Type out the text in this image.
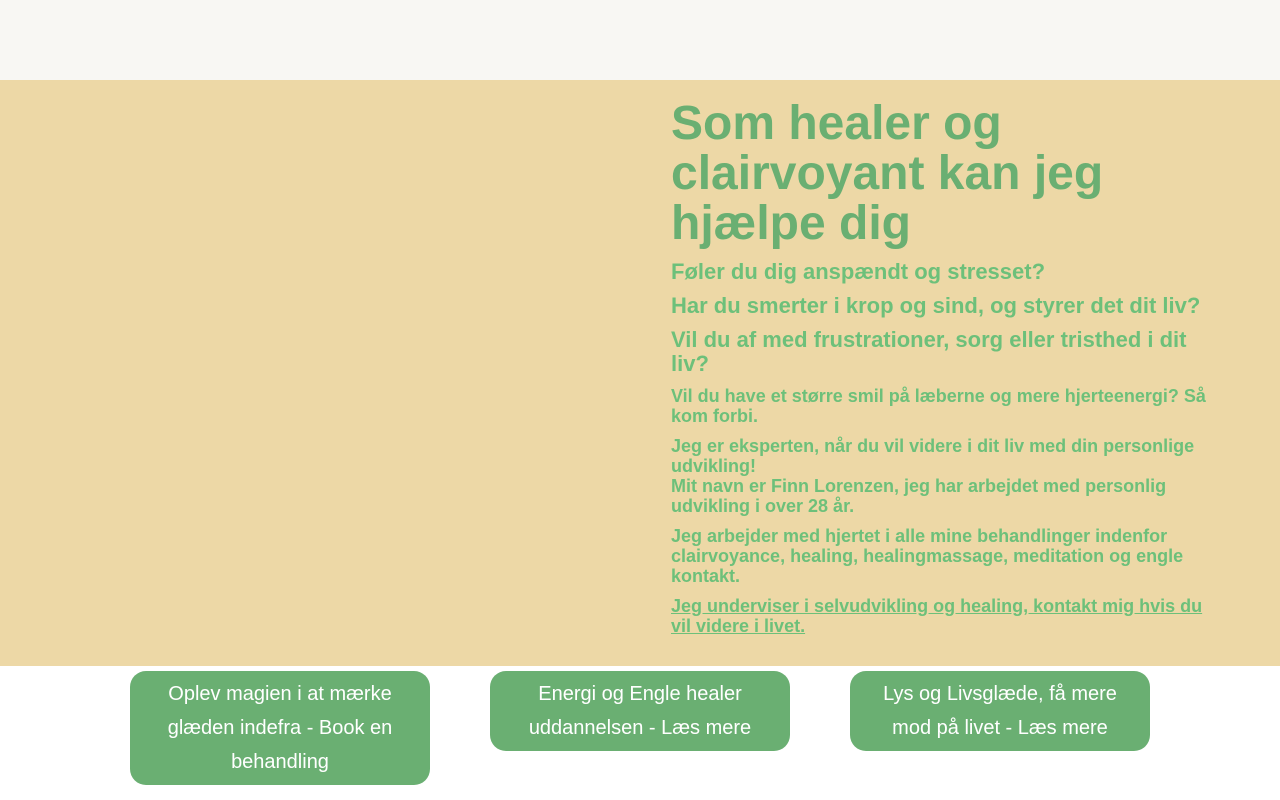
Som healer og clairvoyant kan jeg hjælpe dig
Føler du dig anspændt og stresset?
Har du smerter i krop og sind, og styrer det dit liv?
Vil du af med frustrationer, sorg eller tristhed i dit liv?

Vil du have et større smil på læberne og mere hjerteenergi? Så kom forbi.

Jeg er eksperten, når du vil videre i dit liv med din personlige udvikling!
Mit navn er Finn Lorenzen, jeg har arbejdet med personlig udvikling i over 28 år.

Jeg arbejder med hjertet i alle mine behandlinger indenfor clairvoyance, healing, healingmassage, meditation og engle kontakt.

Jeg underviser i selvudvikling og healing, kontakt mig hvis du vil videre i livet.
Oplev magien i at mærke glæden indefra - Book en behandling
Energi og Engle healer uddannelsen - Læs mere
Lys og Livsglæde, få mere mod på livet - Læs mere
